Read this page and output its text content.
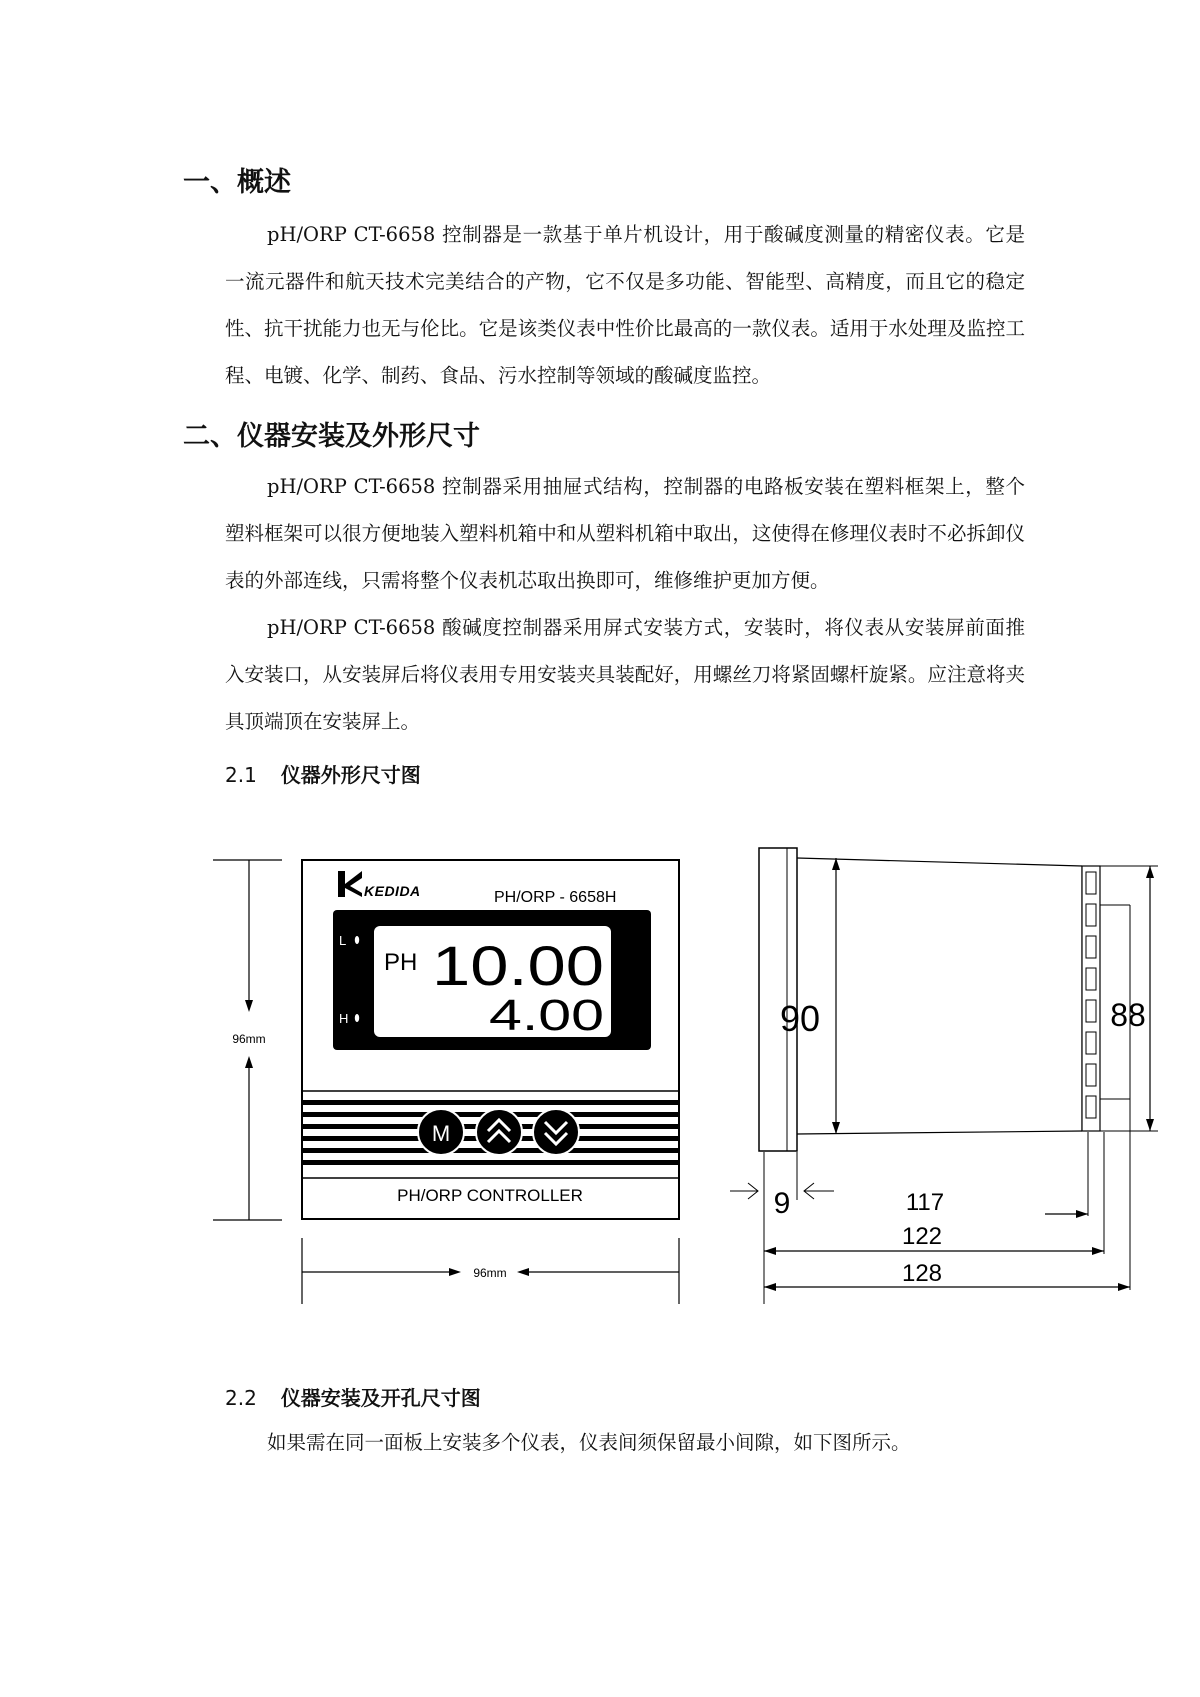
一、概述

pH/ORP CT-6658 控制器是一款基于单片机设计，用于酸碱度测量的精密仪表。它是一流元器件和航天技术完美结合的产物，它不仅是多功能、智能型、高精度，而且它的稳定性、抗干扰能力也无与伦比。它是该类仪表中性价比最高的一款仪表。适用于水处理及监控工程、电镀、化学、制药、食品、污水控制等领域的酸碱度监控。

二、仪器安装及外形尺寸

pH/ORP CT-6658 控制器采用抽屉式结构，控制器的电路板安装在塑料框架上，整个塑料框架可以很方便地装入塑料机箱中和从塑料机箱中取出，这使得在修理仪表时不必拆卸仪表的外部连线，只需将整个仪表机芯取出换即可，维修维护更加方便。

pH/ORP CT-6658 酸碱度控制器采用屏式安装方式，安装时，将仪表从安装屏前面推入安装口，从安装屏后将仪表用专用安装夹具装配好，用螺丝刀将紧固螺杆旋紧。应注意将夹具顶端顶在安装屏上。

2.1 仪器外形尺寸图
96mm
96mm
KEDIDA	PH/ORP - 6658H
L
H
PH 10.00
4.00
M
PH/ORP CONTROLLER
90	88
9	117
122
128
2.2 仪器安装及开孔尺寸图

如果需在同一面板上安装多个仪表，仪表间须保留最小间隙，如下图所示。
